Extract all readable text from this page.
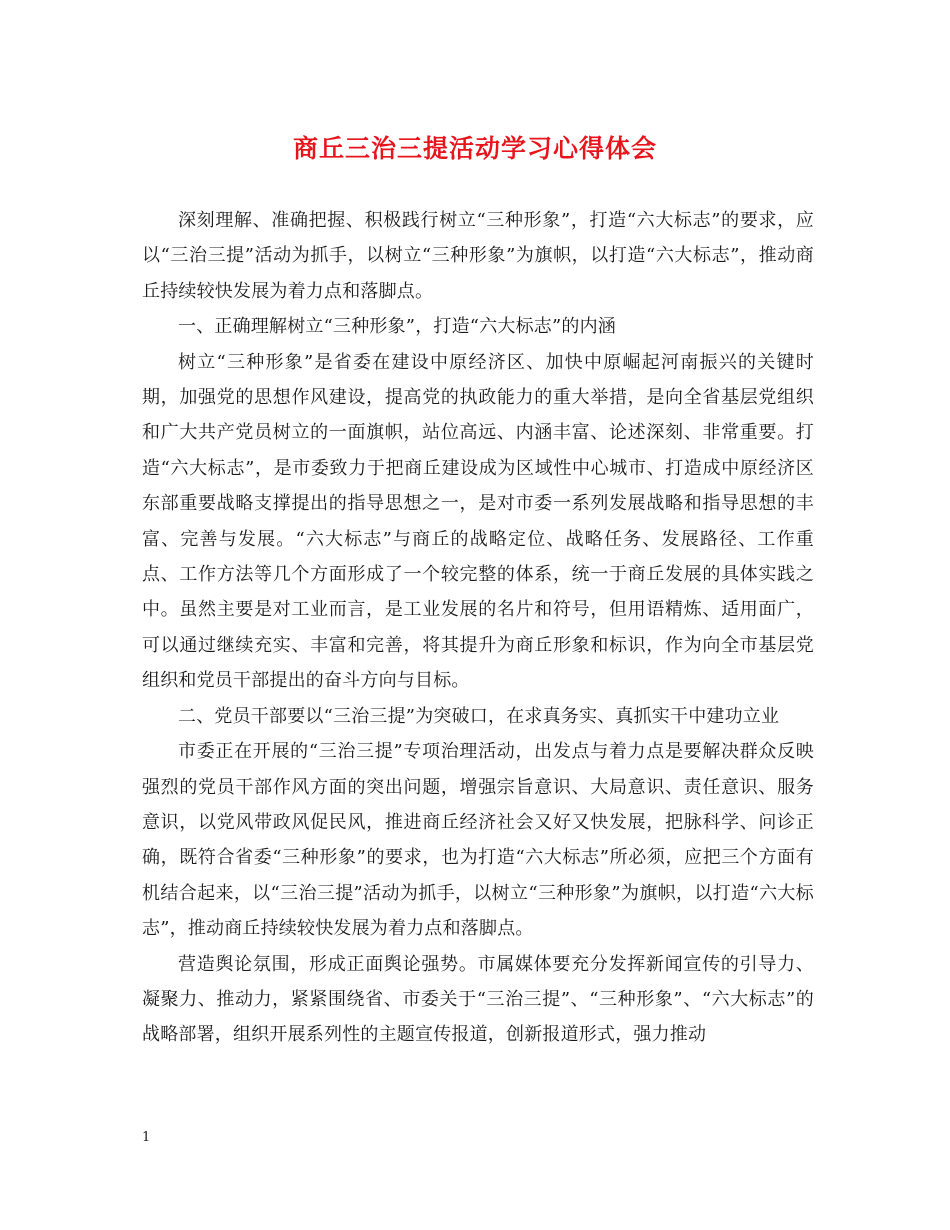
商丘三治三提活动学习心得体会

深刻理解、准确把握、积极践行树立“三种形象”，打造“六大标志”的要求，应以“三治三提”活动为抓手，以树立“三种形象”为旗帜，以打造“六大标志”，推动商丘持续较快发展为着力点和落脚点。

一、正确理解树立“三种形象”，打造“六大标志”的内涵

树立“三种形象”是省委在建设中原经济区、加快中原崛起河南振兴的关键时期，加强党的思想作风建设，提高党的执政能力的重大举措，是向全省基层党组织和广大共产党员树立的一面旗帜，站位高远、内涵丰富、论述深刻、非常重要。打造“六大标志”，是市委致力于把商丘建设成为区域性中心城市、打造成中原经济区东部重要战略支撑提出的指导思想之一，是对市委一系列发展战略和指导思想的丰富、完善与发展。“六大标志”与商丘的战略定位、战略任务、发展路径、工作重点、工作方法等几个方面形成了一个较完整的体系，统一于商丘发展的具体实践之中。虽然主要是对工业而言，是工业发展的名片和符号，但用语精炼、适用面广，可以通过继续充实、丰富和完善，将其提升为商丘形象和标识，作为向全市基层党组织和党员干部提出的奋斗方向与目标。

二、党员干部要以“三治三提”为突破口，在求真务实、真抓实干中建功立业

市委正在开展的“三治三提”专项治理活动，出发点与着力点是要解决群众反映强烈的党员干部作风方面的突出问题，增强宗旨意识、大局意识、责任意识、服务意识，以党风带政风促民风，推进商丘经济社会又好又快发展，把脉科学、问诊正确，既符合省委“三种形象”的要求，也为打造“六大标志”所必须，应把三个方面有机结合起来，以“三治三提”活动为抓手，以树立“三种形象”为旗帜，以打造“六大标志”，推动商丘持续较快发展为着力点和落脚点。

营造舆论氛围，形成正面舆论强势。市属媒体要充分发挥新闻宣传的引导力、凝聚力、推动力，紧紧围绕省、市委关于“三治三提”、“三种形象”、“六大标志”的战略部署，组织开展系列性的主题宣传报道，创新报道形式，强力推动

1
